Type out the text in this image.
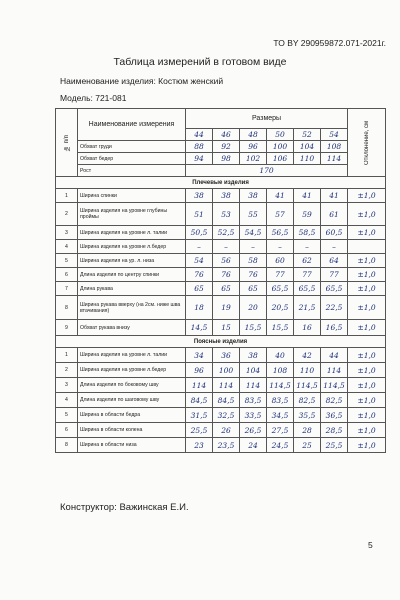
ТО BY 290959872.071-2021г.
Таблица измерений в готовом виде
Наименование изделия: Костюм женский
Модель: 721-081
№ п/п	Наименование измерения	Размеры						Отклонение, см
		44	46	48	50	52	54	
	Обхват груди	88	92	96	100	104	108	
	Обхват бедер	94	98	102	106	110	114	
	Рост	170						
Плечевые изделия								
1	Ширина спинки	38	38	38	41	41	41	±1,0
2	Ширина изделия на уровне глубины проймы	51	53	55	57	59	61	±1,0
3	Ширина изделия на уровне л. талии	50,5	52,5	54,5	56,5	58,5	60,5	±1,0
4	Ширина изделия на уровне л.бедер	–	–	–	–	–	–	
5	Ширина изделия на ур. л. низа	54	56	58	60	62	64	±1,0
6	Длина изделия по центру спинки	76	76	76	77	77	77	±1,0
7	Длина рукава	65	65	65	65,5	65,5	65,5	±1,0
8	Ширина рукава вверху (на 2см. ниже шва втачивания)	18	19	20	20,5	21,5	22,5	±1,0
9	Обхват рукава внизу	14,5	15	15,5	15,5	16	16,5	±1,0
Поясные изделия								
1	Ширина изделия на уровне л. талии	34	36	38	40	42	44	±1,0
2	Ширина изделия на уровне л.бедер	96	100	104	108	110	114	±1,0
3	Длина изделия по боковому шву	114	114	114	114,5	114,5	114,5	±1,0
4	Длина изделия по шаговому шву	84,5	84,5	83,5	83,5	82,5	82,5	±1,0
5	Ширина в области бедра	31,5	32,5	33,5	34,5	35,5	36,5	±1,0
6	Ширина в области колена	25,5	26	26,5	27,5	28	28,5	±1,0
8	Ширина в области низа	23	23,5	24	24,5	25	25,5	±1,0
Конструктор: Важинская Е.И.
5
